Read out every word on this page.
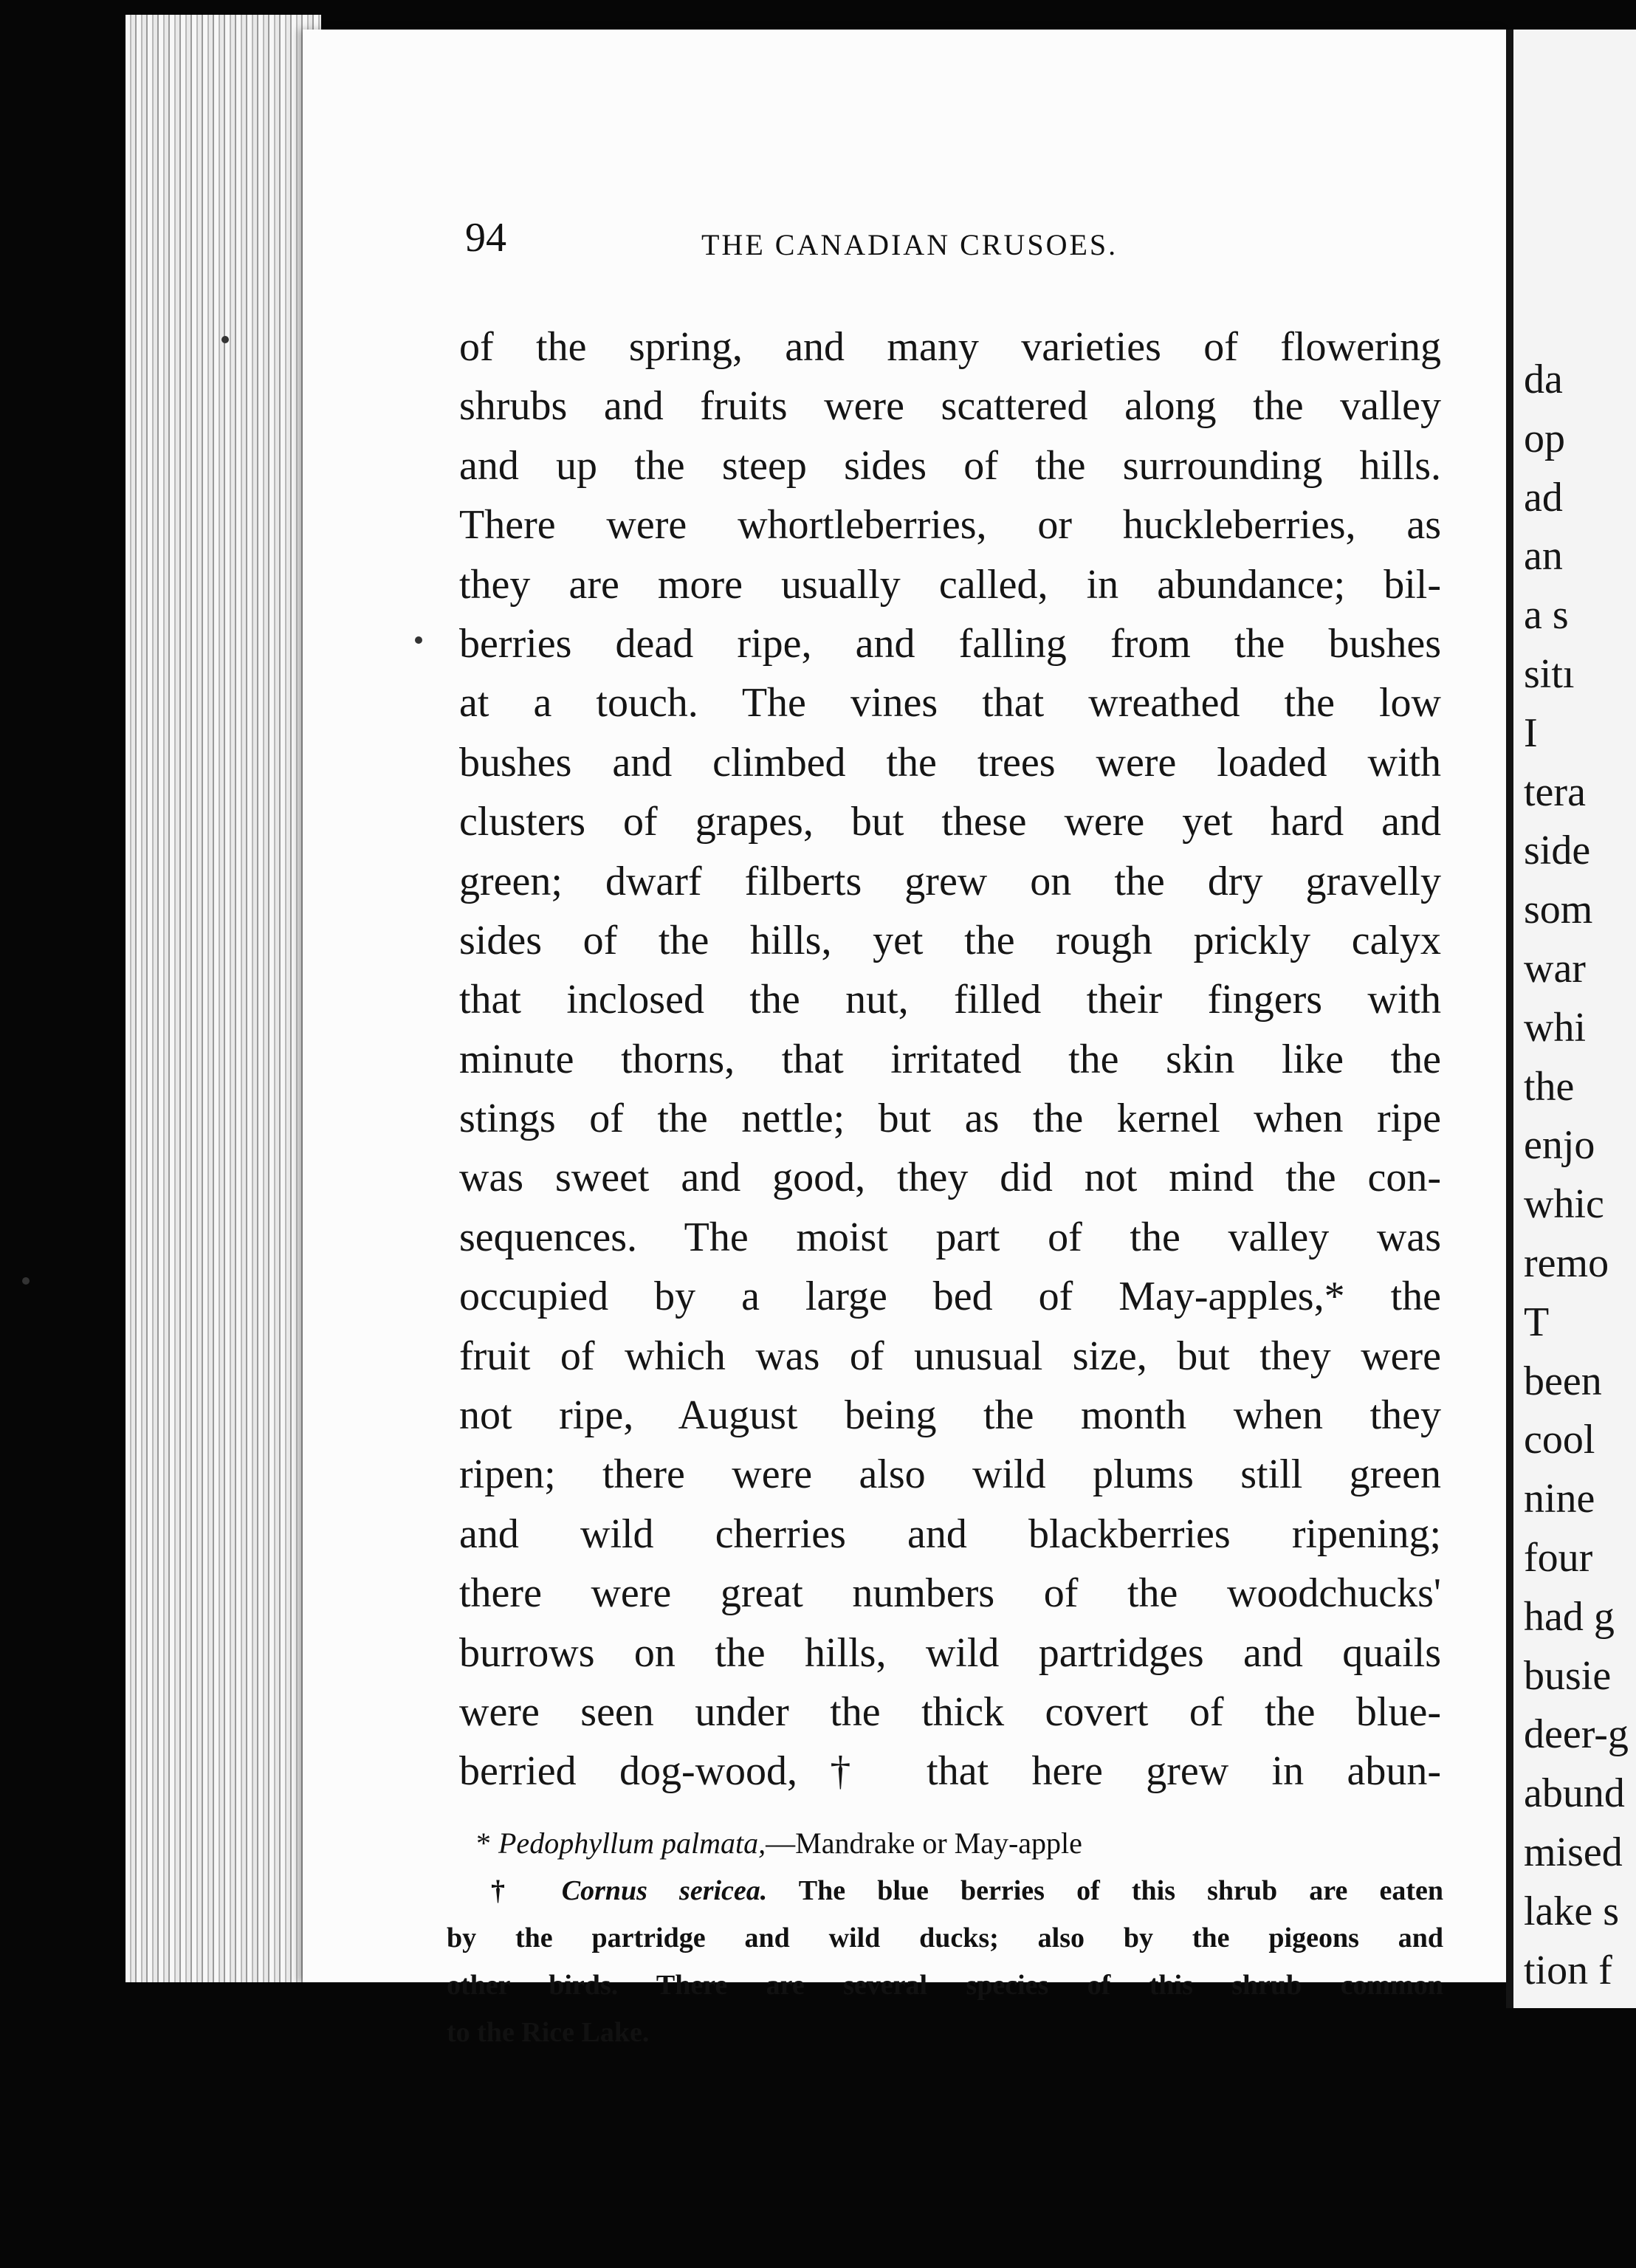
94	THE CANADIAN CRUSOES.
of the spring, and many varieties of flowering
shrubs and fruits were scattered along the valley
and up the steep sides of the surrounding hills.
There were whortleberries, or huckleberries, as
they are more usually called, in abundance; bil-
berries dead ripe, and falling from the bushes
at a touch. The vines that wreathed the low
bushes and climbed the trees were loaded with
clusters of grapes, but these were yet hard and
green; dwarf filberts grew on the dry gravelly
sides of the hills, yet the rough prickly calyx
that inclosed the nut, filled their fingers with
minute thorns, that irritated the skin like the
stings of the nettle; but as the kernel when ripe
was sweet and good, they did not mind the con-
sequences. The moist part of the valley was
occupied by a large bed of May-apples,* the
fruit of which was of unusual size, but they were
not ripe, August being the month when they
ripen; there were also wild plums still green
and wild cherries and blackberries ripening;
there were great numbers of the woodchucks'
burrows on the hills, wild partridges and quails
were seen under the thick covert of the blue-
berried dog-wood,† that here grew in abun-
* Pedophyllum palmata,—Mandrake or May-apple
† Cornus sericea. The blue berries of this shrub are eaten
by the partridge and wild ducks; also by the pigeons and
other birds. There are several species of this shrub common
to the Rice Lake.
da
op
ad
an
a s
sitı
I
tera
side
som
war
whi
the
enjo
whic
remo
T
been
cool
nine
four
had g
busie
deer-g
abund
mised
lake s
tion f
